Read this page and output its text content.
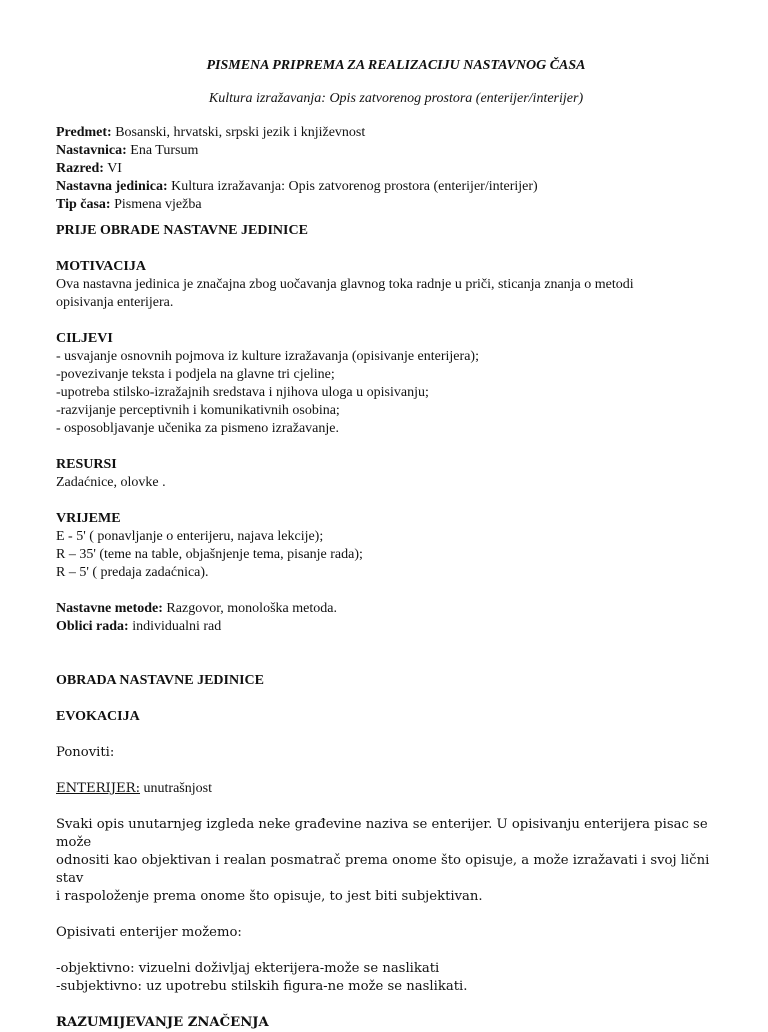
PISMENA PRIPREMA ZA REALIZACIJU NASTAVNOG ČASA

Kultura izražavanja: Opis zatvorenog prostora (enterijer/interijer)

Predmet: Bosanski, hrvatski, srpski jezik i književnost

Nastavnica: Ena Tursum

Razred: VI

Nastavna jedinica: Kultura izražavanja: Opis zatvorenog prostora (enterijer/interijer)

Tip časa: Pismena vježba

PRIJE OBRADE NASTAVNE JEDINICE

MOTIVACIJA

Ova nastavna jedinica je značajna zbog uočavanja glavnog toka radnje u priči, sticanja znanja o metodi

opisivanja enterijera.

CILJEVI

- usvajanje osnovnih pojmova iz kulture izražavanja (opisivanje enterijera);

-povezivanje teksta i podjela na glavne tri cjeline;

-upotreba stilsko-izražajnih sredstava i njihova uloga u opisivanju;

-razvijanje perceptivnih i komunikativnih osobina;

- osposobljavanje učenika za pismeno izražavanje.

RESURSI

Zadaćnice, olovke .

VRIJEME

E - 5' ( ponavljanje o enterijeru, najava lekcije);

R – 35' (teme na table, objašnjenje tema, pisanje rada);

R – 5' ( predaja zadaćnica).

Nastavne metode: Razgovor, monološka metoda.

Oblici rada: individualni rad

OBRADA NASTAVNE JEDINICE

EVOKACIJA

Ponoviti:

ENTERIJER: unutrašnjost

Svaki opis unutarnjeg izgleda neke građevine naziva se enterijer. U opisivanju enterijera pisac se može

odnositi kao objektivan i realan posmatrač prema onome što opisuje, a može izražavati i svoj lični stav

i raspoloženje prema onome što opisuje, to jest biti subjektivan.

Opisivati enterijer možemo:

-objektivno: vizuelni doživljaj ekterijera-može se naslikati

-subjektivno: uz upotrebu stilskih figura-ne može se naslikati.

RAZUMIJEVANJE ZNAČENJA
